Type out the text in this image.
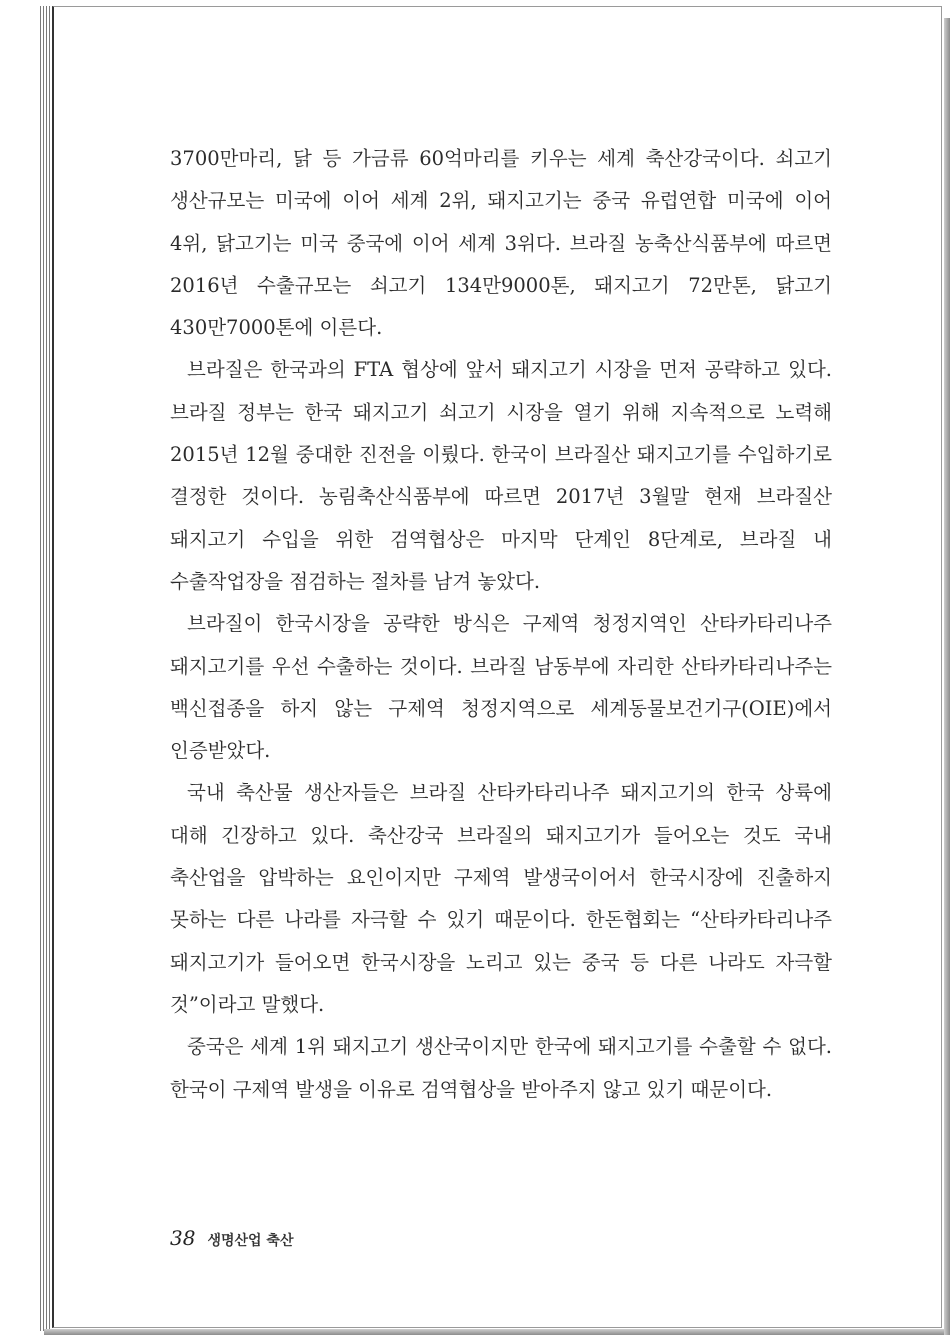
3700만마리, 닭 등 가금류 60억마리를 키우는 세계 축산강국이다. 쇠고기 생산규모는 미국에 이어 세계 2위, 돼지고기는 중국 유럽연합 미국에 이어 4위, 닭고기는 미국 중국에 이어 세계 3위다. 브라질 농축산식품부에 따르면 2016년 수출규모는 쇠고기 134만9000톤, 돼지고기 72만톤, 닭고기 430만7000톤에 이른다.

브라질은 한국과의 FTA 협상에 앞서 돼지고기 시장을 먼저 공략하고 있다. 브라질 정부는 한국 돼지고기 쇠고기 시장을 열기 위해 지속적으로 노력해 2015년 12월 중대한 진전을 이뤘다. 한국이 브라질산 돼지고기를 수입하기로 결정한 것이다. 농림축산식품부에 따르면 2017년 3월말 현재 브라질산 돼지고기 수입을 위한 검역협상은 마지막 단계인 8단계로, 브라질 내 수출작업장을 점검하는 절차를 남겨 놓았다.

브라질이 한국시장을 공략한 방식은 구제역 청정지역인 산타카타리나주 돼지고기를 우선 수출하는 것이다. 브라질 남동부에 자리한 산타카타리나주는 백신접종을 하지 않는 구제역 청정지역으로 세계동물보건기구(OIE)에서 인증받았다.

국내 축산물 생산자들은 브라질 산타카타리나주 돼지고기의 한국 상륙에 대해 긴장하고 있다. 축산강국 브라질의 돼지고기가 들어오는 것도 국내 축산업을 압박하는 요인이지만 구제역 발생국이어서 한국시장에 진출하지 못하는 다른 나라를 자극할 수 있기 때문이다. 한돈협회는 “산타카타리나주 돼지고기가 들어오면 한국시장을 노리고 있는 중국 등 다른 나라도 자극할 것”이라고 말했다.

중국은 세계 1위 돼지고기 생산국이지만 한국에 돼지고기를 수출할 수 없다. 한국이 구제역 발생을 이유로 검역협상을 받아주지 않고 있기 때문이다.

38 생명산업 축산
